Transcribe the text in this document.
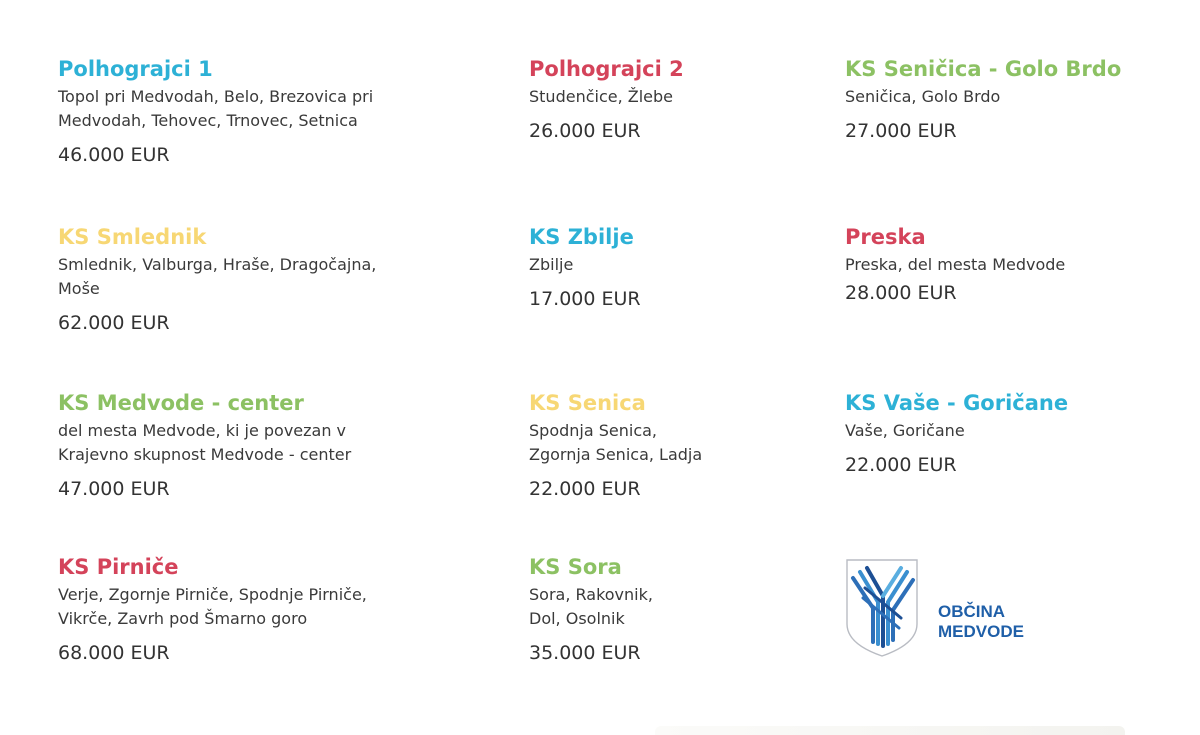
Polhograjci 1

Topol pri Medvodah, Belo, Brezovica pri
Medvodah, Tehovec, Trnovec, Setnica

46.000 EUR

Polhograjci 2

Studenčice, Žlebe

26.000 EUR

KS Seničica - Golo Brdo

Seničica, Golo Brdo

27.000 EUR

KS Smlednik

Smlednik, Valburga, Hraše, Dragočajna,
Moše

62.000 EUR

KS Zbilje

Zbilje

17.000 EUR

Preska

Preska, del mesta Medvode

28.000 EUR

KS Medvode - center

del mesta Medvode, ki je povezan v
Krajevno skupnost Medvode - center

47.000 EUR

KS Senica

Spodnja Senica,
Zgornja Senica, Ladja

22.000 EUR

KS Vaše - Goričane

Vaše, Goričane

22.000 EUR

KS Pirniče

Verje, Zgornje Pirniče, Spodnje Pirniče,
Vikrče, Zavrh pod Šmarno goro

68.000 EUR

KS Sora

Sora, Rakovnik,
Dol, Osolnik

35.000 EUR

OBČINA
MEDVODE
